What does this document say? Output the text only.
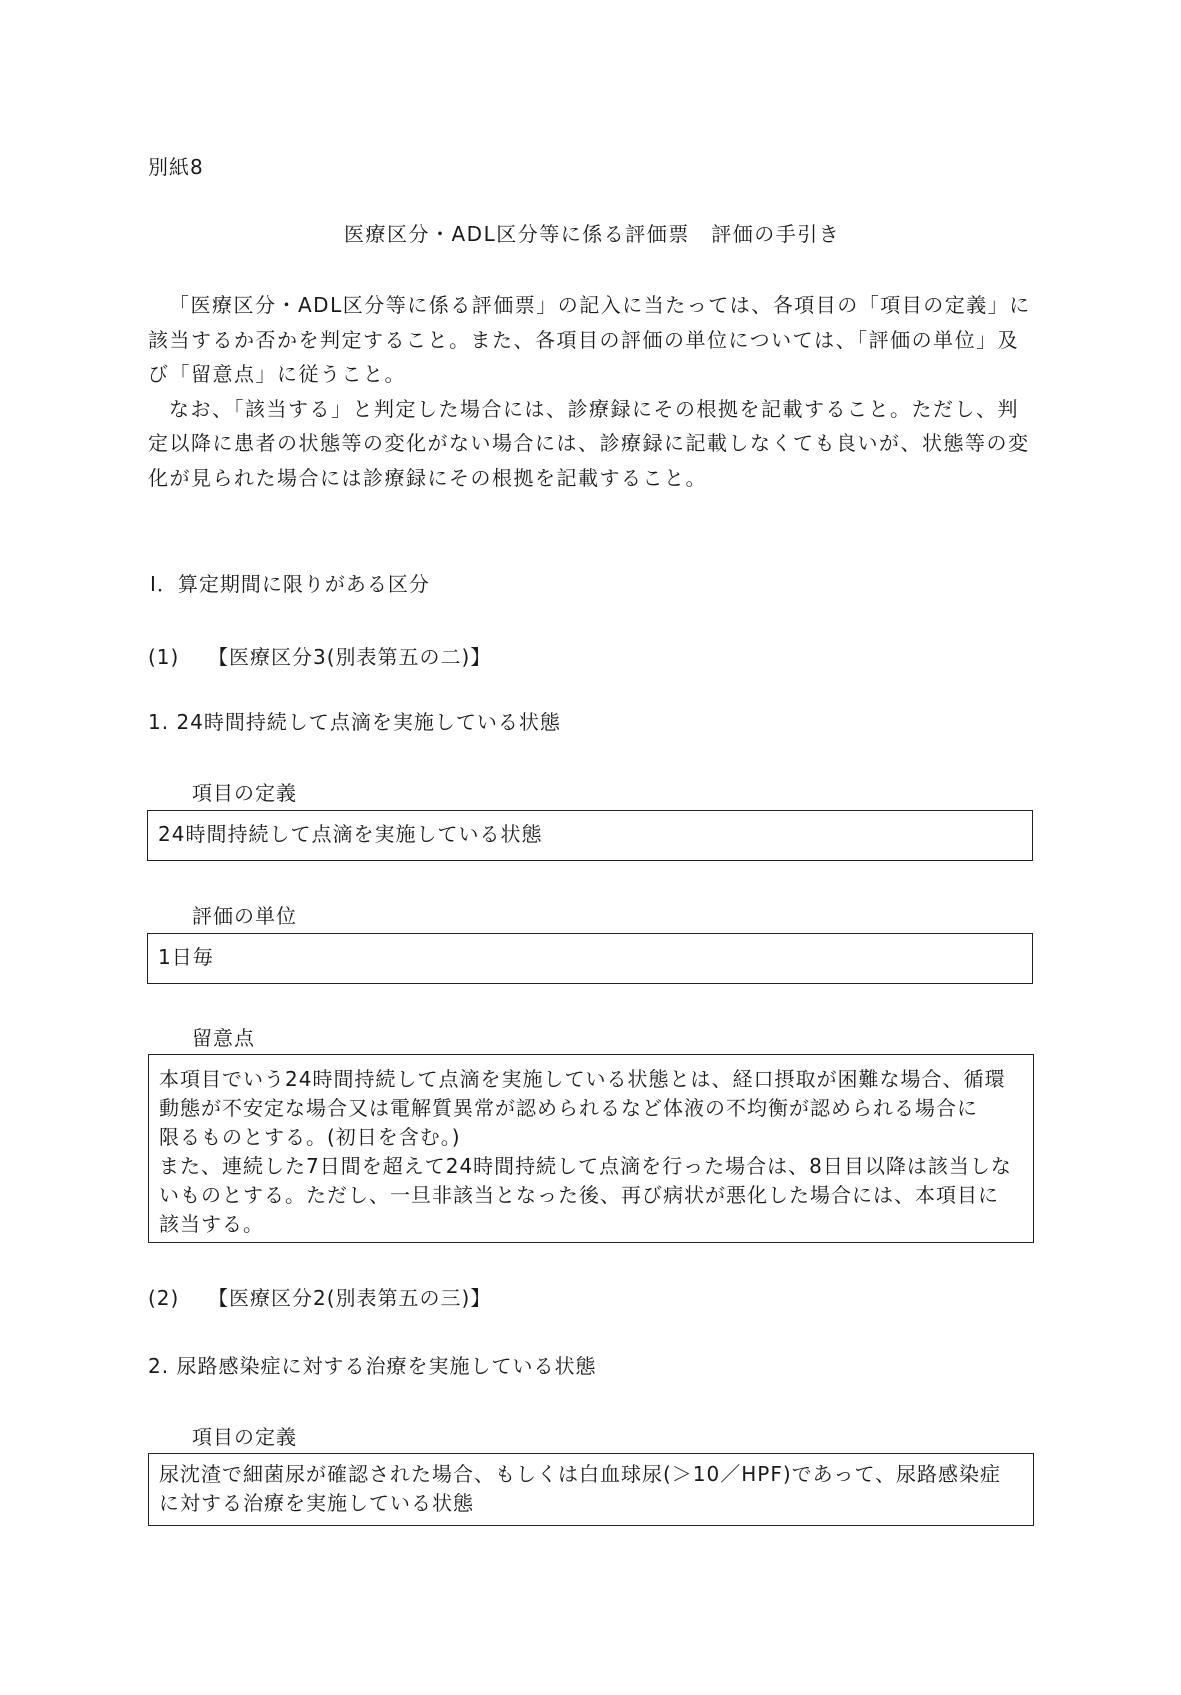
別紙8
医療区分・ADL区分等に係る評価票　評価の手引き

「医療区分・ADL区分等に係る評価票」の記入に当たっては、各項目の「項目の定義」に該当するか否かを判定すること。また、各項目の評価の単位については、「評価の単位」及び「留意点」に従うこと。

なお、「該当する」と判定した場合には、診療録にその根拠を記載すること。ただし、判定以降に患者の状態等の変化がない場合には、診療録に記載しなくても良いが、状態等の変化が見られた場合には診療録にその根拠を記載すること。

Ⅰ．算定期間に限りがある区分
(1) 【医療区分3(別表第五の二)】
1. 24時間持続して点滴を実施している状態
項目の定義

24時間持続して点滴を実施している状態

評価の単位

1日毎

留意点

本項目でいう24時間持続して点滴を実施している状態とは、経口摂取が困難な場合、循環

動態が不安定な場合又は電解質異常が認められるなど体液の不均衡が認められる場合に

限るものとする。(初日を含む。)

また、連続した7日間を超えて24時間持続して点滴を行った場合は、8日目以降は該当しな

いものとする。ただし、一旦非該当となった後、再び病状が悪化した場合には、本項目に

該当する。

(2) 【医療区分2(別表第五の三)】
2. 尿路感染症に対する治療を実施している状態
項目の定義

尿沈渣で細菌尿が確認された場合、もしくは白血球尿(＞10／HPF)であって、尿路感染症

に対する治療を実施している状態
